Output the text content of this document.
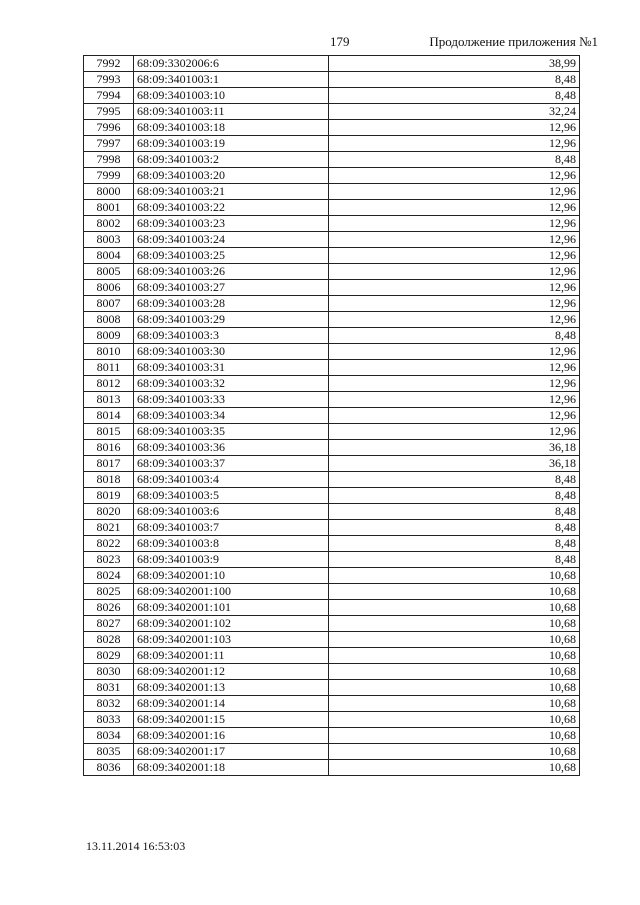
179	Продолжение приложения №1
7992	68:09:3302006:6	38,99
7993	68:09:3401003:1	8,48
7994	68:09:3401003:10	8,48
7995	68:09:3401003:11	32,24
7996	68:09:3401003:18	12,96
7997	68:09:3401003:19	12,96
7998	68:09:3401003:2	8,48
7999	68:09:3401003:20	12,96
8000	68:09:3401003:21	12,96
8001	68:09:3401003:22	12,96
8002	68:09:3401003:23	12,96
8003	68:09:3401003:24	12,96
8004	68:09:3401003:25	12,96
8005	68:09:3401003:26	12,96
8006	68:09:3401003:27	12,96
8007	68:09:3401003:28	12,96
8008	68:09:3401003:29	12,96
8009	68:09:3401003:3	8,48
8010	68:09:3401003:30	12,96
8011	68:09:3401003:31	12,96
8012	68:09:3401003:32	12,96
8013	68:09:3401003:33	12,96
8014	68:09:3401003:34	12,96
8015	68:09:3401003:35	12,96
8016	68:09:3401003:36	36,18
8017	68:09:3401003:37	36,18
8018	68:09:3401003:4	8,48
8019	68:09:3401003:5	8,48
8020	68:09:3401003:6	8,48
8021	68:09:3401003:7	8,48
8022	68:09:3401003:8	8,48
8023	68:09:3401003:9	8,48
8024	68:09:3402001:10	10,68
8025	68:09:3402001:100	10,68
8026	68:09:3402001:101	10,68
8027	68:09:3402001:102	10,68
8028	68:09:3402001:103	10,68
8029	68:09:3402001:11	10,68
8030	68:09:3402001:12	10,68
8031	68:09:3402001:13	10,68
8032	68:09:3402001:14	10,68
8033	68:09:3402001:15	10,68
8034	68:09:3402001:16	10,68
8035	68:09:3402001:17	10,68
8036	68:09:3402001:18	10,68
13.11.2014 16:53:03
